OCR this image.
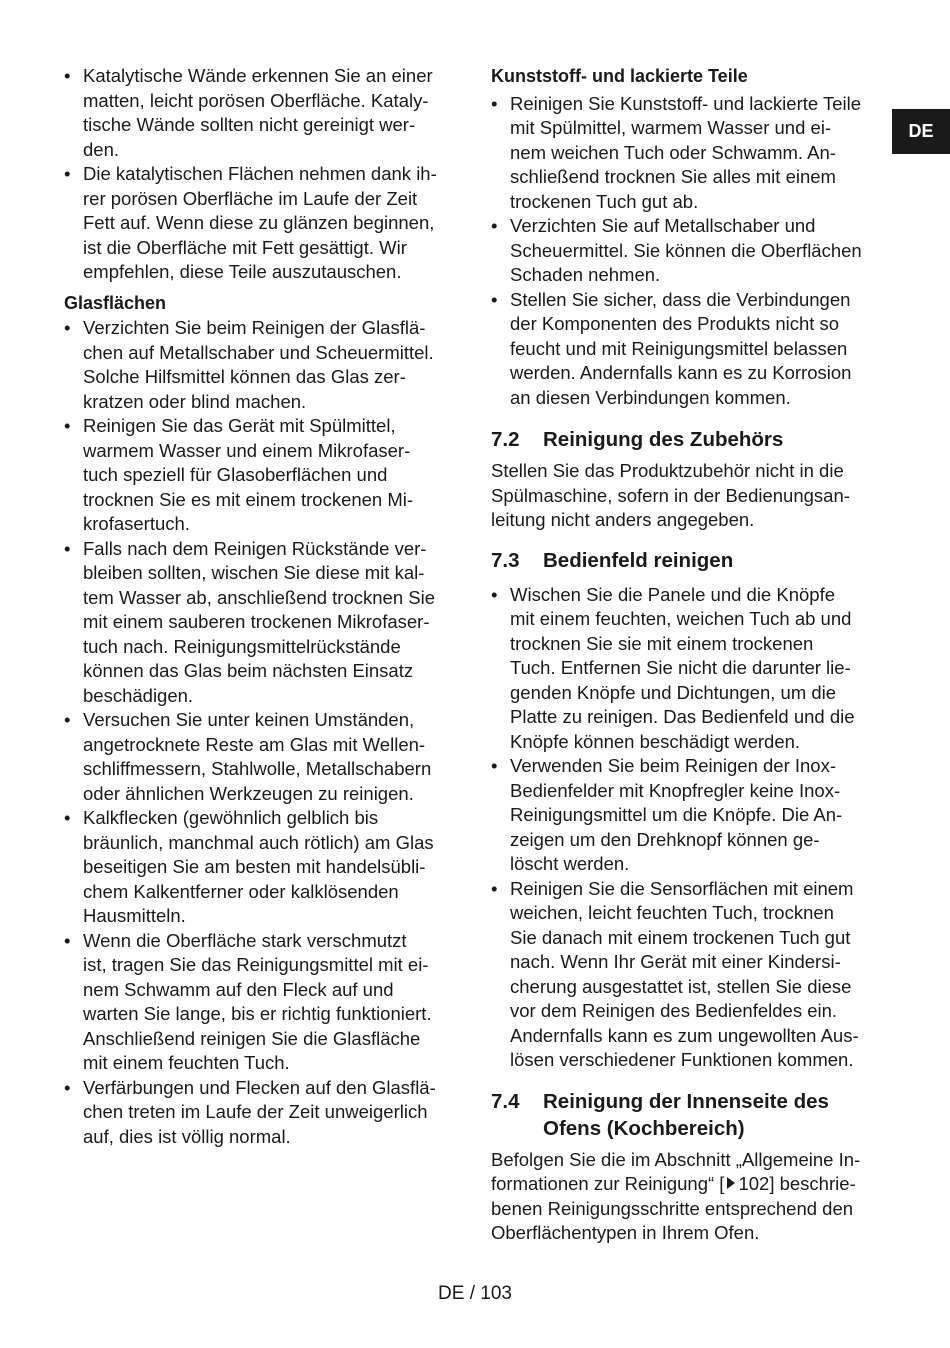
DE
• Katalytische Wände erkennen Sie an einer
matten, leicht porösen Oberfläche. Kataly-
tische Wände sollten nicht gereinigt wer-
den.
• Die katalytischen Flächen nehmen dank ih-
rer porösen Oberfläche im Laufe der Zeit
Fett auf. Wenn diese zu glänzen beginnen,
ist die Oberfläche mit Fett gesättigt. Wir
empfehlen, diese Teile auszutauschen.
Glasflächen
• Verzichten Sie beim Reinigen der Glasflä-
chen auf Metallschaber und Scheuermittel.
Solche Hilfsmittel können das Glas zer-
kratzen oder blind machen.
• Reinigen Sie das Gerät mit Spülmittel,
warmem Wasser und einem Mikrofaser-
tuch speziell für Glasoberflächen und
trocknen Sie es mit einem trockenen Mi-
krofasertuch.
• Falls nach dem Reinigen Rückstände ver-
bleiben sollten, wischen Sie diese mit kal-
tem Wasser ab, anschließend trocknen Sie
mit einem sauberen trockenen Mikrofaser-
tuch nach. Reinigungsmittelrückstände
können das Glas beim nächsten Einsatz
beschädigen.
• Versuchen Sie unter keinen Umständen,
angetrocknete Reste am Glas mit Wellen-
schliffmessern, Stahlwolle, Metallschabern
oder ähnlichen Werkzeugen zu reinigen.
• Kalkflecken (gewöhnlich gelblich bis
bräunlich, manchmal auch rötlich) am Glas
beseitigen Sie am besten mit handelsübli-
chem Kalkentferner oder kalklösenden
Hausmitteln.
• Wenn die Oberfläche stark verschmutzt
ist, tragen Sie das Reinigungsmittel mit ei-
nem Schwamm auf den Fleck auf und
warten Sie lange, bis er richtig funktioniert.
Anschließend reinigen Sie die Glasfläche
mit einem feuchten Tuch.
• Verfärbungen und Flecken auf den Glasflä-
chen treten im Laufe der Zeit unweigerlich
auf, dies ist völlig normal.
Kunststoff- und lackierte Teile
• Reinigen Sie Kunststoff- und lackierte Teile
mit Spülmittel, warmem Wasser und ei-
nem weichen Tuch oder Schwamm. An-
schließend trocknen Sie alles mit einem
trockenen Tuch gut ab.
• Verzichten Sie auf Metallschaber und
Scheuermittel. Sie können die Oberflächen
Schaden nehmen.
• Stellen Sie sicher, dass die Verbindungen
der Komponenten des Produkts nicht so
feucht und mit Reinigungsmittel belassen
werden. Andernfalls kann es zu Korrosion
an diesen Verbindungen kommen.
7.2	Reinigung des Zubehörs

Stellen Sie das Produktzubehör nicht in die
Spülmaschine, sofern in der Bedienungsan-
leitung nicht anders angegeben.

7.3	Bedienfeld reinigen
• Wischen Sie die Panele und die Knöpfe
mit einem feuchten, weichen Tuch ab und
trocknen Sie sie mit einem trockenen
Tuch. Entfernen Sie nicht die darunter lie-
genden Knöpfe und Dichtungen, um die
Platte zu reinigen. Das Bedienfeld und die
Knöpfe können beschädigt werden.
• Verwenden Sie beim Reinigen der Inox-
Bedienfelder mit Knopfregler keine Inox-
Reinigungsmittel um die Knöpfe. Die An-
zeigen um den Drehknopf können ge-
löscht werden.
• Reinigen Sie die Sensorflächen mit einem
weichen, leicht feuchten Tuch, trocknen
Sie danach mit einem trockenen Tuch gut
nach. Wenn Ihr Gerät mit einer Kindersi-
cherung ausgestattet ist, stellen Sie diese
vor dem Reinigen des Bedienfeldes ein.
Andernfalls kann es zum ungewollten Aus-
lösen verschiedener Funktionen kommen.
7.4	Reinigung der Innenseite des
Ofens (Kochbereich)

Befolgen Sie die im Abschnitt „Allgemeine In-
formationen zur Reinigung“ [ 102] beschrie-
benen Reinigungsschritte entsprechend den
Oberflächentypen in Ihrem Ofen.

DE / 103
